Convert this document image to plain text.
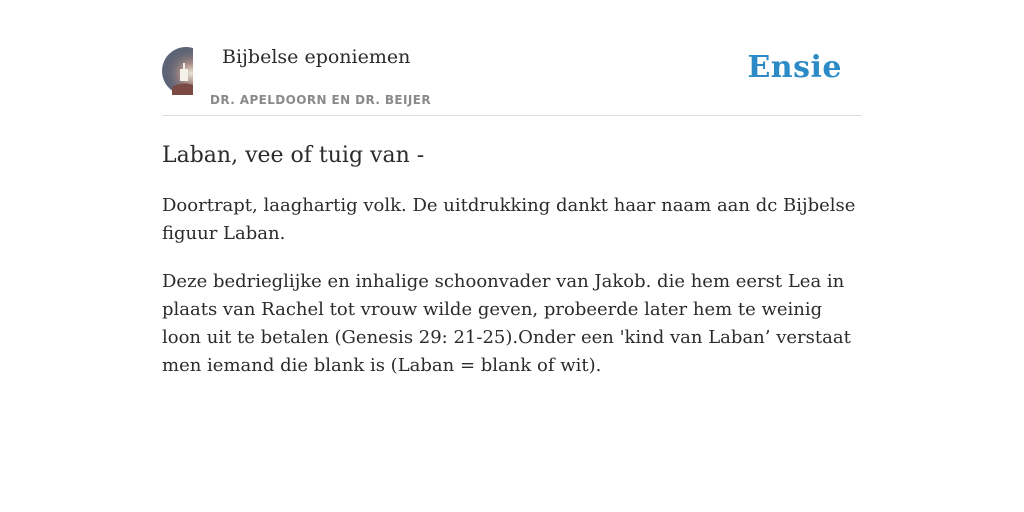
Bijbelse eponiemen
DR. APELDOORN EN DR. BEIJER
Ensie
Laban, vee of tuig van -

Doortrapt, laaghartig volk. De uitdrukking dankt haar naam aan dc Bijbelse figuur Laban.

Deze bedrieglijke en inhalige schoonvader van Jakob. die hem eerst Lea in plaats van Rachel tot vrouw wilde geven, probeerde later hem te weinig loon uit te betalen (Genesis 29: 21-25).Onder een 'kind van Laban’ verstaat men iemand die blank is (Laban = blank of wit).
